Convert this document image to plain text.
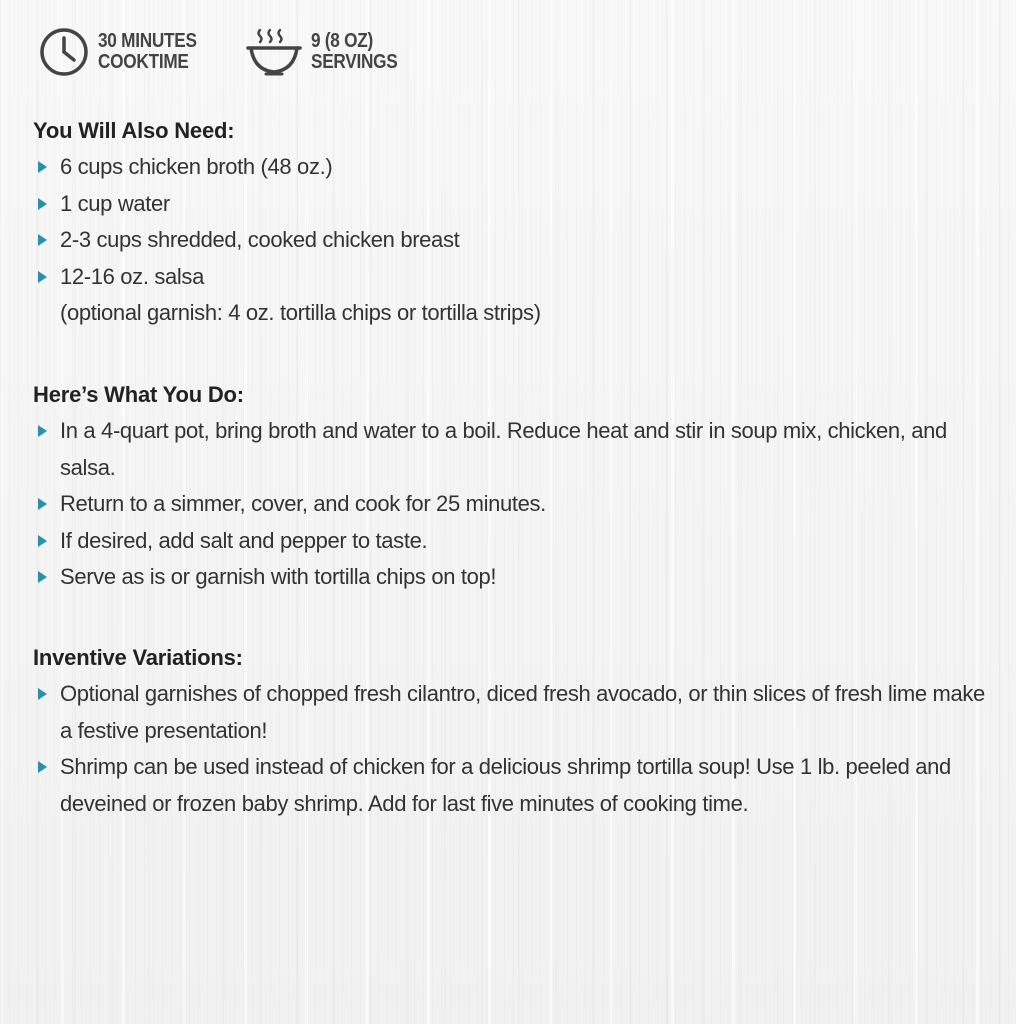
30 MINUTES
COOKTIME
9 (8 OZ)
SERVINGS
You Will Also Need:
6 cups chicken broth (48 oz.)
1 cup water
2-3 cups shredded, cooked chicken breast
12-16 oz. salsa
(optional garnish: 4 oz. tortilla chips or tortilla strips)
Here’s What You Do:
In a 4-quart pot, bring broth and water to a boil. Reduce heat and stir in soup mix, chicken, and salsa.
Return to a simmer, cover, and cook for 25 minutes.
If desired, add salt and pepper to taste.
Serve as is or garnish with tortilla chips on top!
Inventive Variations:
Optional garnishes of chopped fresh cilantro, diced fresh avocado, or thin slices of fresh lime make a festive presentation!
Shrimp can be used instead of chicken for a delicious shrimp tortilla soup! Use 1 lb. peeled and deveined or frozen baby shrimp. Add for last five minutes of cooking time.
